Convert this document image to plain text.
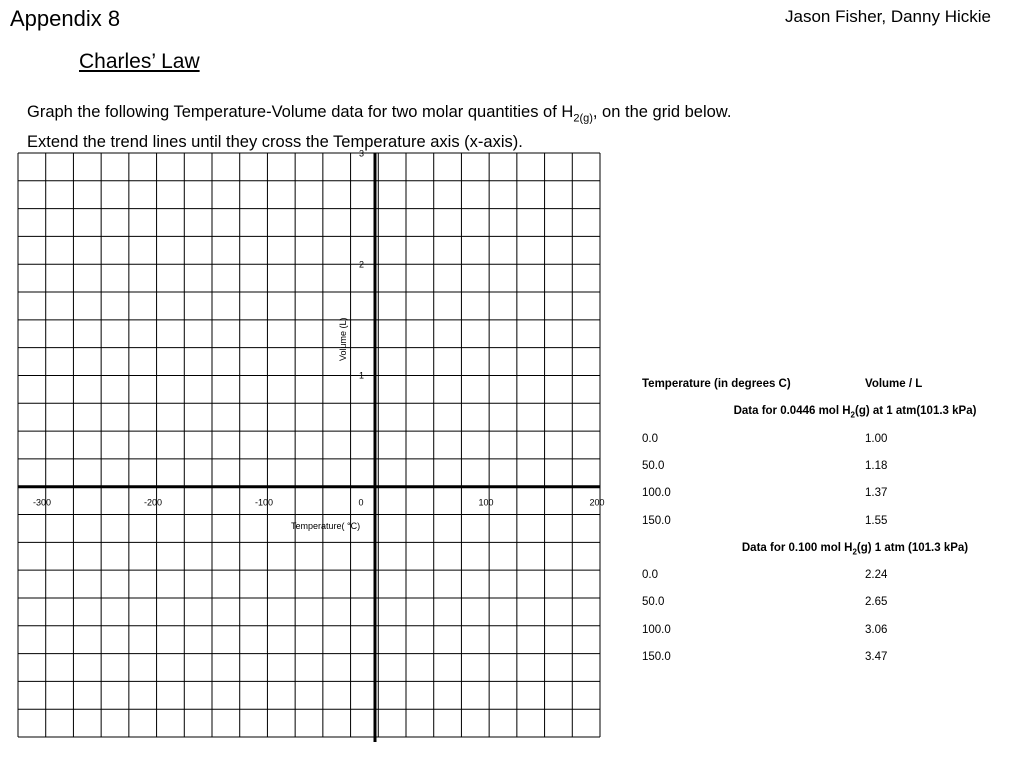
Appendix 8	Jason Fisher, Danny Hickie
Charles’ Law
Graph the following Temperature-Volume data for two molar quantities of $H_{2(g)}$, on the grid below. Extend the trend lines until they cross the Temperature axis (x-axis).
-300	-200	-100	0	100	200
1
2
3
Volume (L)
Temperature( °C)
Temperature (in degrees C)	Volume / L
Data for 0.0446 mol $H_2(g)$ at 1 atm(101.3 kPa)
0.0	1.00
50.0	1.18
100.0	1.37
150.0	1.55
Data for 0.100 mol $H_2(g)$ 1 atm (101.3 kPa)
0.0	2.24
50.0	2.65
100.0	3.06
150.0	3.47
